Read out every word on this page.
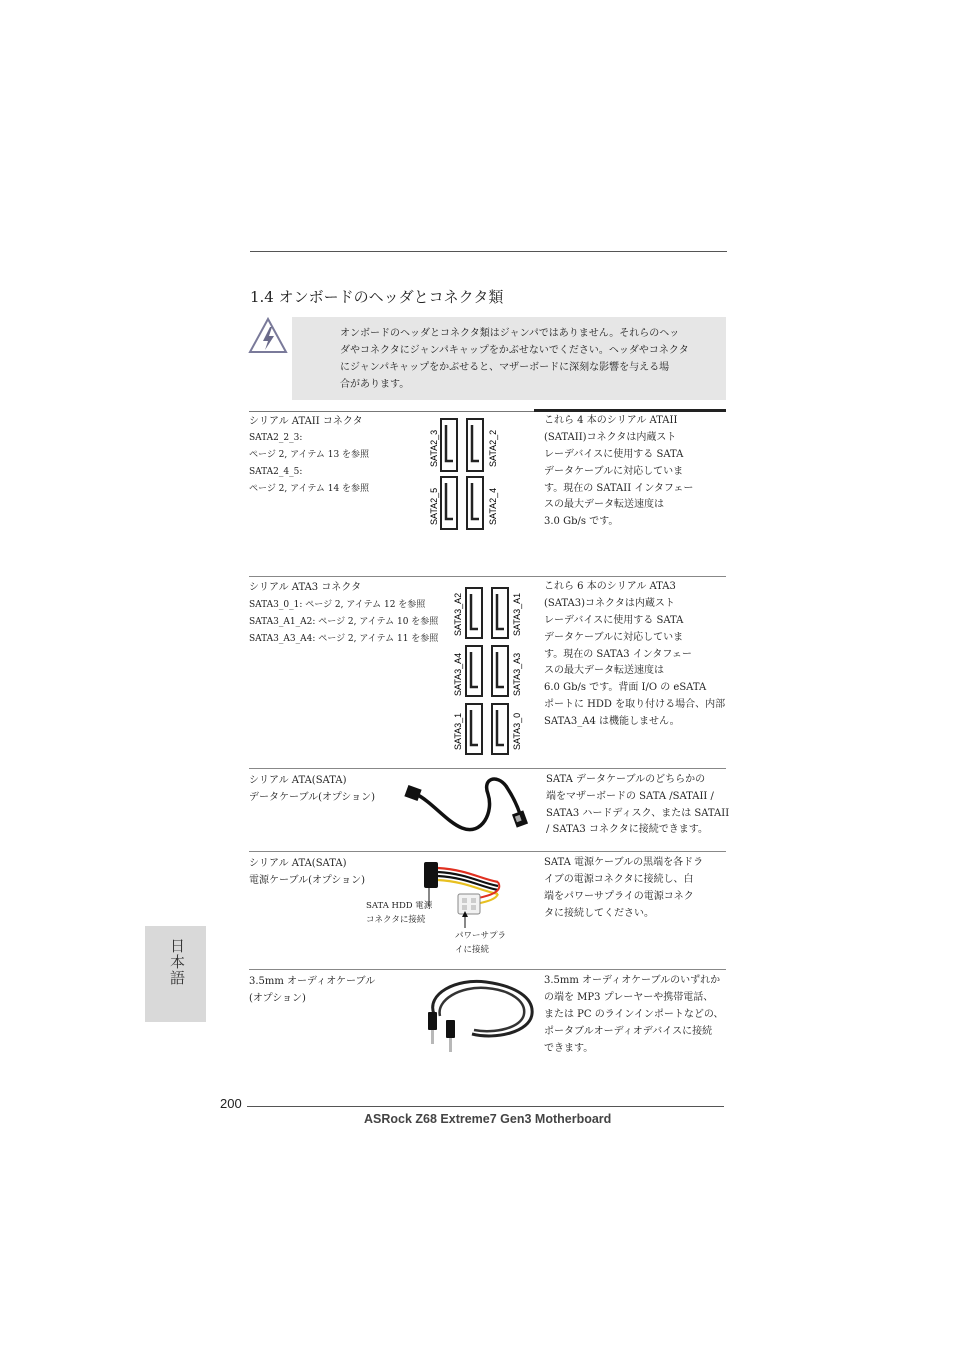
1.4 オンボードのヘッダとコネクタ類
オンボードのヘッダとコネクタ類はジャンパではありません。それらのヘッ
ダやコネクタにジャンパキャップをかぶせないでください。ヘッダやコネクタ
にジャンパキャップをかぶせると、マザーボードに深刻な影響を与える場
合があります。
シリアル ATAII コネクタ
SATA2_2_3:
ページ 2, アイテム 13 を参照
SATA2_4_5:
ページ 2, アイテム 14 を参照
SATA2_3	SATA2_2
SATA2_5	SATA2_4
これら 4 本のシリアル ATAII
(SATAII)コネクタは内蔵スト
レーデバイスに使用する SATA
データケーブルに対応していま
す。現在の SATAII インタフェー
スの最大データ転送速度は
3.0 Gb/s です。
シリアル ATA3 コネクタ
SATA3_0_1: ページ 2, アイテム 12 を参照
SATA3_A1_A2: ページ 2, アイテム 10 を参照
SATA3_A3_A4: ページ 2, アイテム 11 を参照
SATA3_A2	SATA3_A1
SATA3_A4	SATA3_A3
SATA3_1	SATA3_0
これら 6 本のシリアル ATA3
(SATA3)コネクタは内蔵スト
レーデバイスに使用する SATA
データケーブルに対応していま
す。現在の SATA3 インタフェー
スの最大データ転送速度は
6.0 Gb/s です。背面 I/O の eSATA
ポートに HDD を取り付ける場合、内部
SATA3_A4 は機能しません。
シリアル ATA(SATA)
データケーブル(オプション)
SATA データケーブルのどちらかの
端をマザーボードの SATA /SATAII /
SATA3 ハードディスク、または SATAII
/ SATA3 コネクタに接続できます。
シリアル ATA(SATA)
電源ケーブル(オプション)
SATA HDD 電源
コネクタに接続
パワーサプラ
イに接続
SATA 電源ケーブルの黒端を各ドラ
イブの電源コネクタに接続し、白
端をパワーサプライの電源コネク
タに接続してください。
3.5mm オーディオケーブル
(オプション)
3.5mm オーディオケーブルのいずれか
の端を MP3 プレーヤーや携帯電話、
または PC のラインインポートなどの、
ポータブルオーディオデバイスに接続
できます。
日本語
200
ASRock Z68 Extreme7 Gen3 Motherboard
